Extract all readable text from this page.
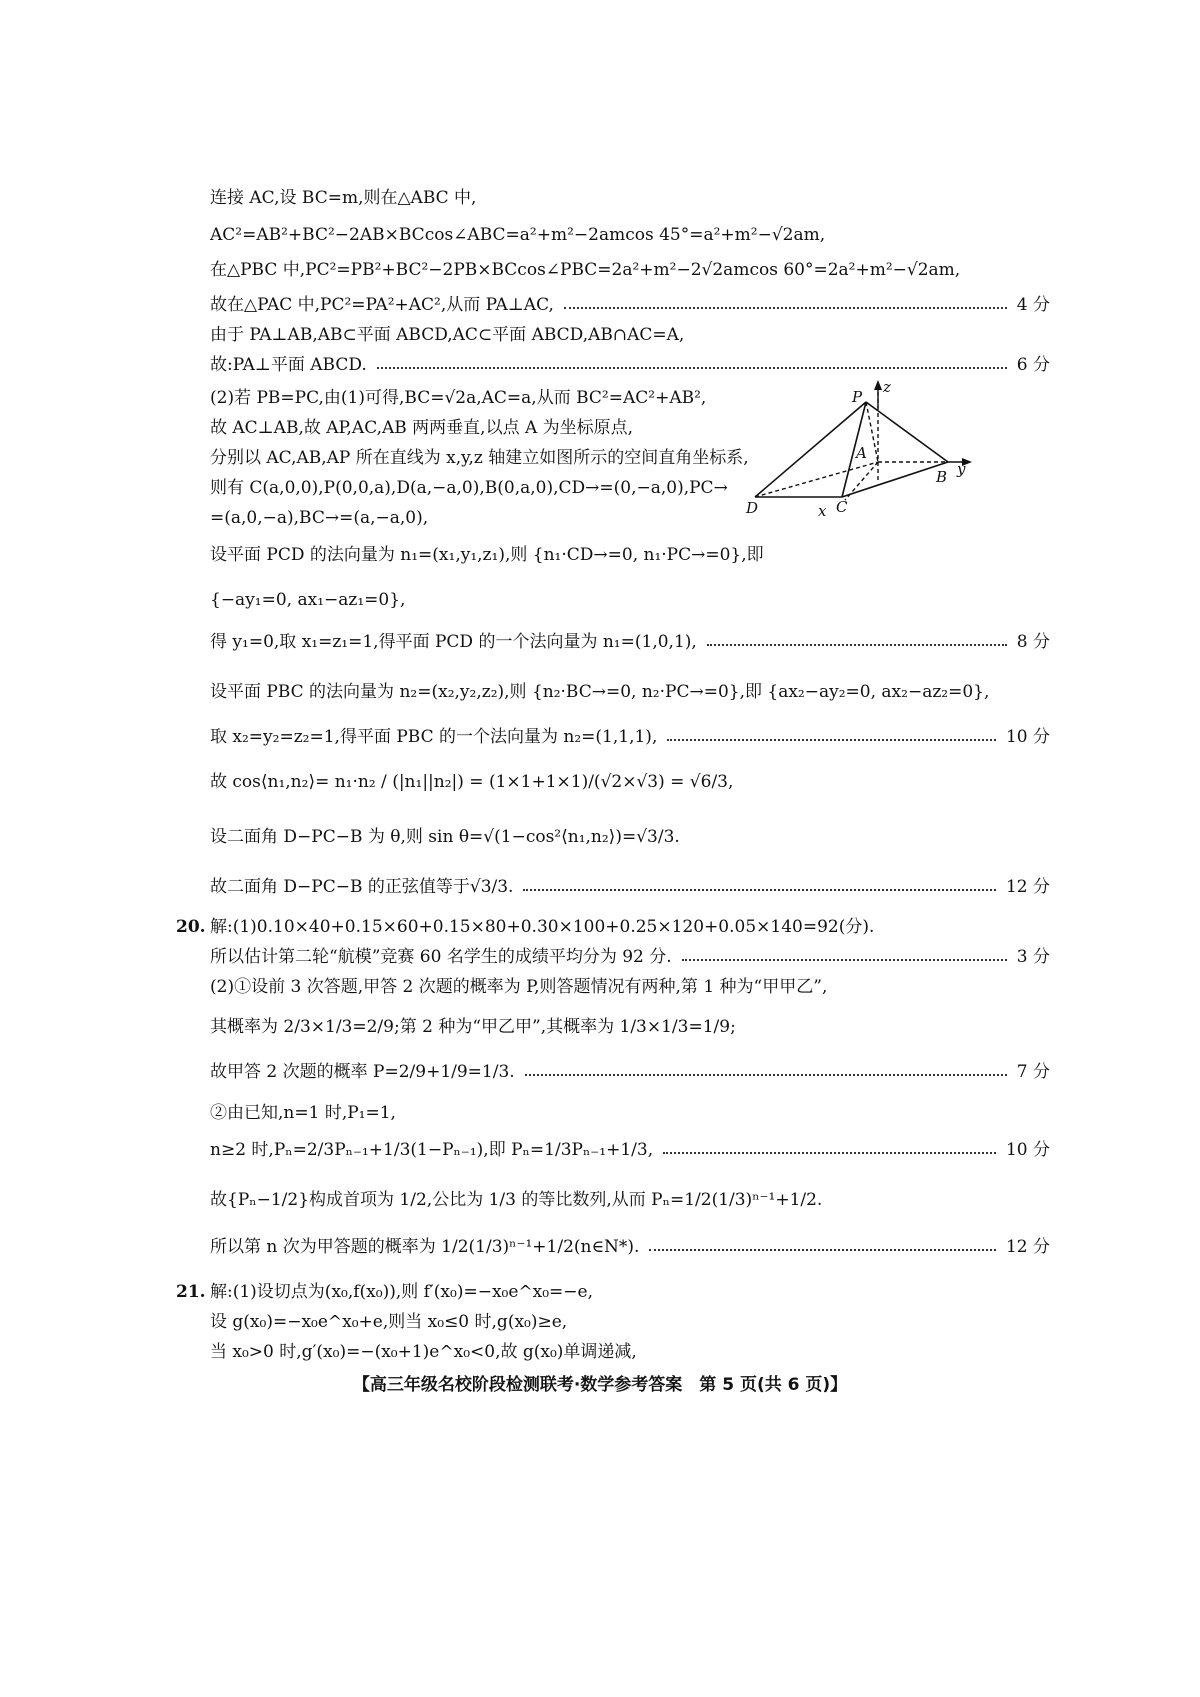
连接 AC,设 BC=m,则在△ABC 中,
AC²=AB²+BC²−2AB×BCcos∠ABC=a²+m²−2amcos 45°=a²+m²−√2am,
在△PBC 中,PC²=PB²+BC²−2PB×BCcos∠PBC=2a²+m²−2√2amcos 60°=2a²+m²−√2am,
故在△PAC 中,PC²=PA²+AC²,从而 PA⊥AC,	4 分
由于 PA⊥AB,AB⊂平面 ABCD,AC⊂平面 ABCD,AB∩AC=A,
故:PA⊥平面 ABCD.	6 分
(2)若 PB=PC,由(1)可得,BC=√2a,AC=a,从而 BC²=AC²+AB²,
故 AC⊥AB,故 AP,AC,AB 两两垂直,以点 A 为坐标原点,
分别以 AC,AB,AP 所在直线为 x,y,z 轴建立如图所示的空间直角坐标系,
则有 C(a,0,0),P(0,0,a),D(a,−a,0),B(0,a,0),CD→=(0,−a,0),PC→
=(a,0,−a),BC→=(a,−a,0),
z
P
A
B y
D	x C
设平面 PCD 的法向量为 n₁=(x₁,y₁,z₁),则 {n₁·CD→=0, n₁·PC→=0},即
{−ay₁=0, ax₁−az₁=0},
得 y₁=0,取 x₁=z₁=1,得平面 PCD 的一个法向量为 n₁=(1,0,1),	8 分
设平面 PBC 的法向量为 n₂=(x₂,y₂,z₂),则 {n₂·BC→=0, n₂·PC→=0},即 {ax₂−ay₂=0, ax₂−az₂=0},
取 x₂=y₂=z₂=1,得平面 PBC 的一个法向量为 n₂=(1,1,1),	10 分
故 cos⟨n₁,n₂⟩= n₁·n₂ / (|n₁||n₂|) = (1×1+1×1)/(√2×√3) = √6/3,
设二面角 D−PC−B 为 θ,则 sin θ=√(1−cos²⟨n₁,n₂⟩)=√3/3.
故二面角 D−PC−B 的正弦值等于√3/3.	12 分
20. 解:(1)0.10×40+0.15×60+0.15×80+0.30×100+0.25×120+0.05×140=92(分).
所以估计第二轮“航模”竞赛 60 名学生的成绩平均分为 92 分.	3 分
(2)①设前 3 次答题,甲答 2 次题的概率为 P,则答题情况有两种,第 1 种为“甲甲乙”,
其概率为 2/3×1/3=2/9;第 2 种为“甲乙甲”,其概率为 1/3×1/3=1/9;
故甲答 2 次题的概率 P=2/9+1/9=1/3.	7 分
②由已知,n=1 时,P₁=1,
n≥2 时,Pₙ=2/3Pₙ₋₁+1/3(1−Pₙ₋₁),即 Pₙ=1/3Pₙ₋₁+1/3,	10 分
故{Pₙ−1/2}构成首项为 1/2,公比为 1/3 的等比数列,从而 Pₙ=1/2(1/3)ⁿ⁻¹+1/2.
所以第 n 次为甲答题的概率为 1/2(1/3)ⁿ⁻¹+1/2(n∈N*).	12 分
21. 解:(1)设切点为(x₀,f(x₀)),则 f′(x₀)=−x₀e^x₀=−e,
设 g(x₀)=−x₀e^x₀+e,则当 x₀≤0 时,g(x₀)≥e,
当 x₀>0 时,g′(x₀)=−(x₀+1)e^x₀<0,故 g(x₀)单调递减,
【高三年级名校阶段检测联考·数学参考答案　第 5 页(共 6 页)】
